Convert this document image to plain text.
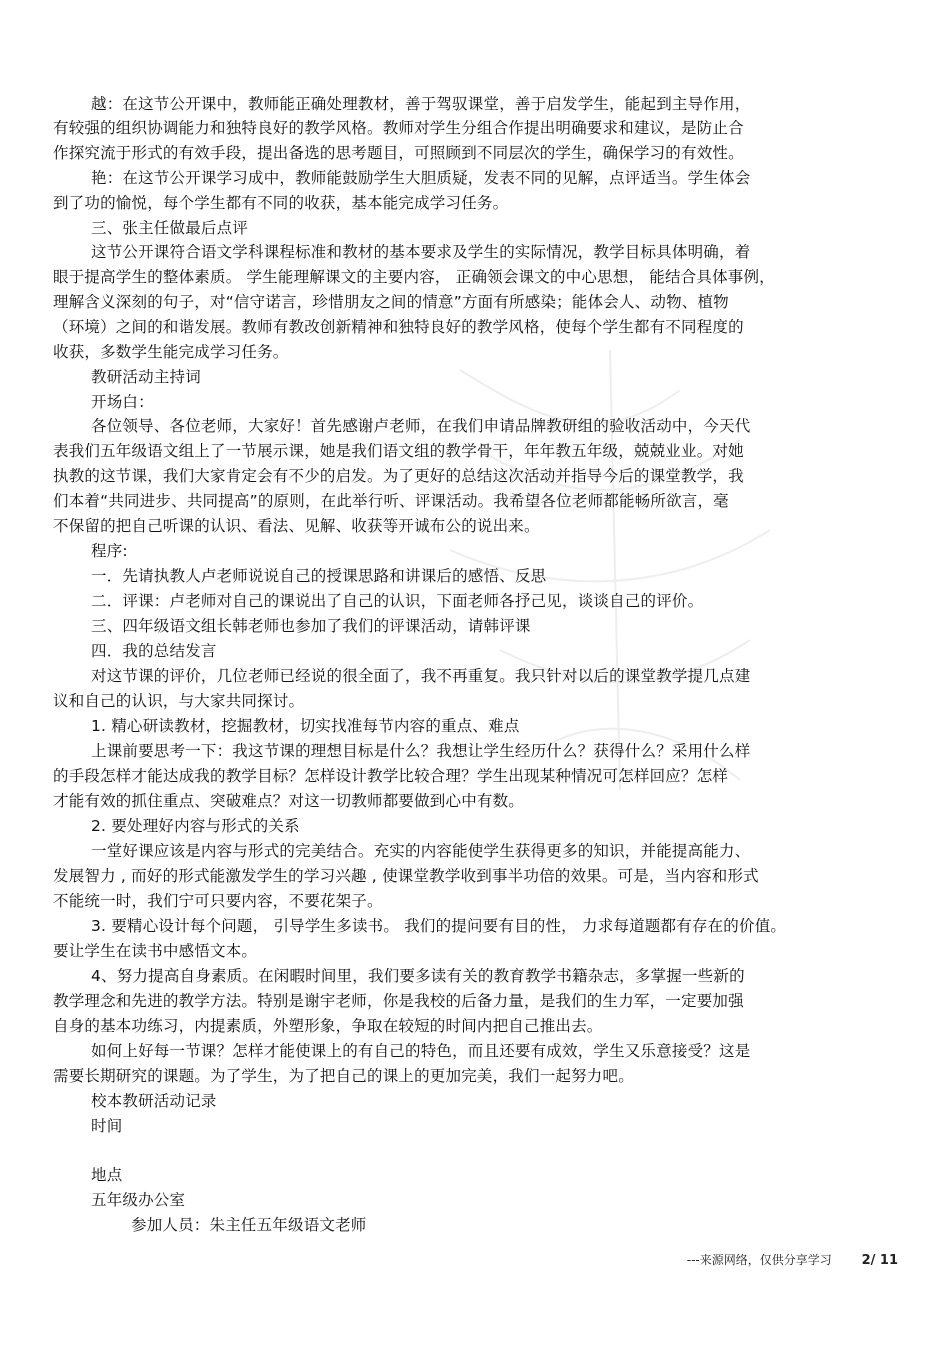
越：在这节公开课中，教师能正确处理教材，善于驾驭课堂，善于启发学生，能起到主导作用，
有较强的组织协调能力和独特良好的教学风格。教师对学生分组合作提出明确要求和建议，是防止合
作探究流于形式的有效手段，提出备选的思考题目，可照顾到不同层次的学生，确保学习的有效性。
艳：在这节公开课学习成中，教师能鼓励学生大胆质疑，发表不同的见解，点评适当。学生体会
到了功的愉悦，每个学生都有不同的收获，基本能完成学习任务。
三、张主任做最后点评
这节公开课符合语文学科课程标准和教材的基本要求及学生的实际情况，教学目标具体明确，着
眼于提高学生的整体素质。 学生能理解课文的主要内容， 正确领会课文的中心思想， 能结合具体事例，
理解含义深刻的句子，对“信守诺言，珍惜朋友之间的情意”方面有所感染；能体会人、动物、植物
（环境）之间的和谐发展。教师有教改创新精神和独特良好的教学风格，使每个学生都有不同程度的
收获，多数学生能完成学习任务。
教研活动主持词
开场白：
各位领导、各位老师，大家好！首先感谢卢老师，在我们申请品牌教研组的验收活动中，今天代
表我们五年级语文组上了一节展示课，她是我们语文组的教学骨干，年年教五年级，兢兢业业。对她
执教的这节课，我们大家肯定会有不少的启发。为了更好的总结这次活动并指导今后的课堂教学，我
们本着“共同进步、共同提高”的原则，在此举行听、评课活动。我希望各位老师都能畅所欲言，毫
不保留的把自己听课的认识、看法、见解、收获等开诚布公的说出来。
程序:
一．先请执教人卢老师说说自己的授课思路和讲课后的感悟、反思
二．评课：卢老师对自己的课说出了自己的认识，下面老师各抒己见，谈谈自己的评价。
三、四年级语文组长韩老师也参加了我们的评课活动，请韩评课
四．我的总结发言
对这节课的评价，几位老师已经说的很全面了，我不再重复。我只针对以后的课堂教学提几点建
议和自己的认识，与大家共同探讨。
1. 精心研读教材，挖掘教材，切实找准每节内容的重点、难点
上课前要思考一下：我这节课的理想目标是什么？我想让学生经历什么？获得什么？采用什么样
的手段怎样才能达成我的教学目标？怎样设计教学比较合理？学生出现某种情况可怎样回应？怎样
才能有效的抓住重点、突破难点？对这一切教师都要做到心中有数。
2. 要处理好内容与形式的关系
一堂好课应该是内容与形式的完美结合。充实的内容能使学生获得更多的知识，并能提高能力、
发展智力 , 而好的形式能激发学生的学习兴趣 , 使课堂教学收到事半功倍的效果。可是，当内容和形式
不能统一时，我们宁可只要内容，不要花架子。
3. 要精心设计每个问题， 引导学生多读书。 我们的提问要有目的性， 力求每道题都有存在的价值。
要让学生在读书中感悟文本。
4、努力提高自身素质。在闲暇时间里，我们要多读有关的教育教学书籍杂志，多掌握一些新的
教学理念和先进的教学方法。特别是谢宇老师，你是我校的后备力量，是我们的生力军，一定要加强
自身的基本功练习，内提素质，外塑形象，争取在较短的时间内把自己推出去。
如何上好每一节课？怎样才能使课上的有自己的特色，而且还要有成效，学生又乐意接受？这是
需要长期研究的课题。为了学生，为了把自己的课上的更加完美，我们一起努力吧。
校本教研活动记录
时间
地点
五年级办公室
参加人员：朱主任五年级语文老师
---来源网络，仅供分享学习 2/ 11
